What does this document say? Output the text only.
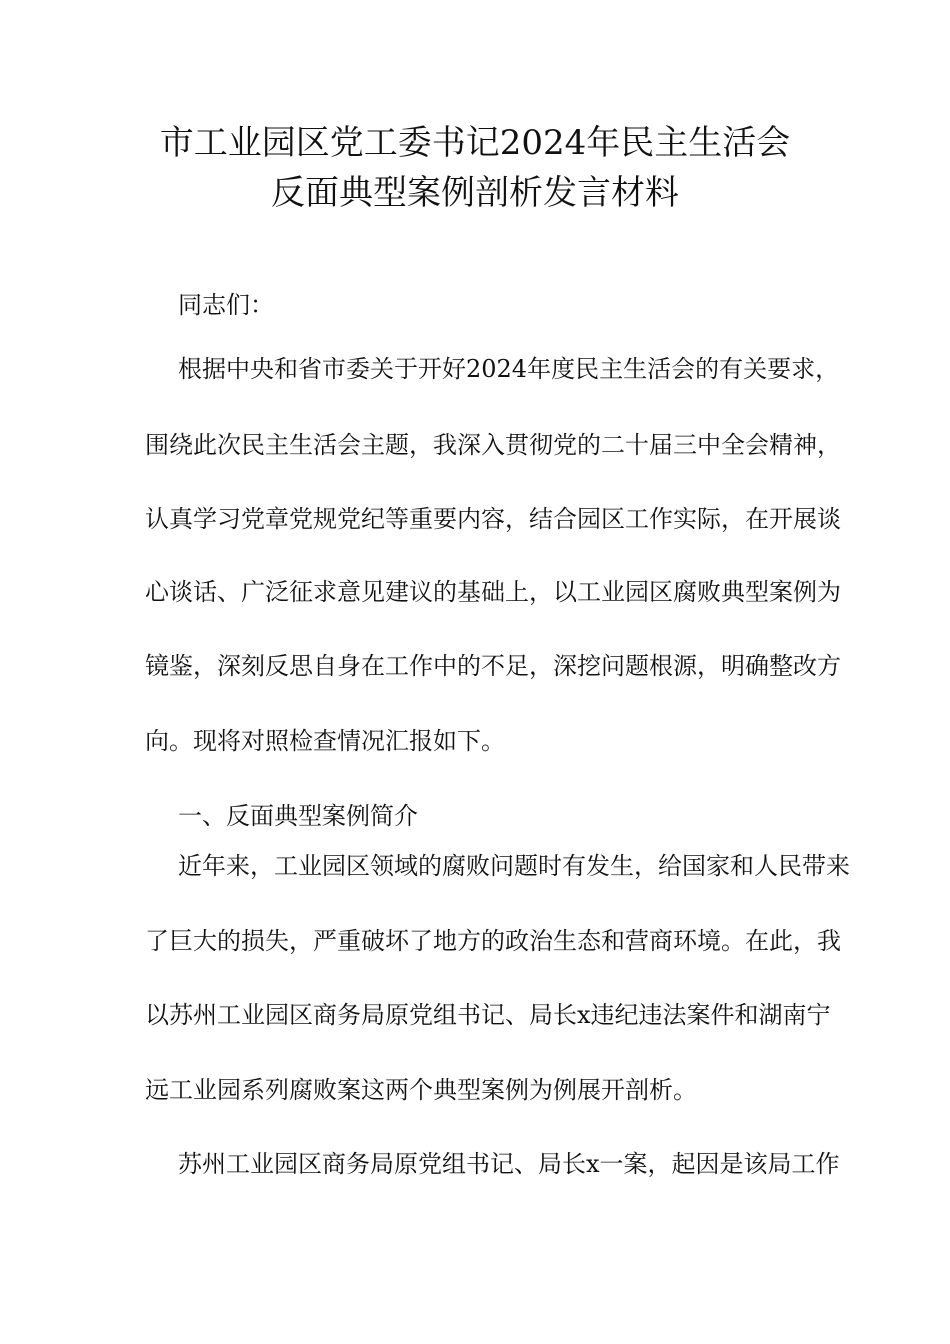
市工业园区党工委书记2024年民主生活会
反面典型案例剖析发言材料
同志们：
根据中央和省市委关于开好2024年度民主生活会的有关要求，
围绕此次民主生活会主题，我深入贯彻党的二十届三中全会精神，
认真学习党章党规党纪等重要内容，结合园区工作实际，在开展谈
心谈话、广泛征求意见建议的基础上，以工业园区腐败典型案例为
镜鉴，深刻反思自身在工作中的不足，深挖问题根源，明确整改方
向。现将对照检查情况汇报如下。
一、反面典型案例简介
近年来，工业园区领域的腐败问题时有发生，给国家和人民带来
了巨大的损失，严重破坏了地方的政治生态和营商环境。在此，我
以苏州工业园区商务局原党组书记、局长x违纪违法案件和湖南宁
远工业园系列腐败案这两个典型案例为例展开剖析。
苏州工业园区商务局原党组书记、局长x一案，起因是该局工作
